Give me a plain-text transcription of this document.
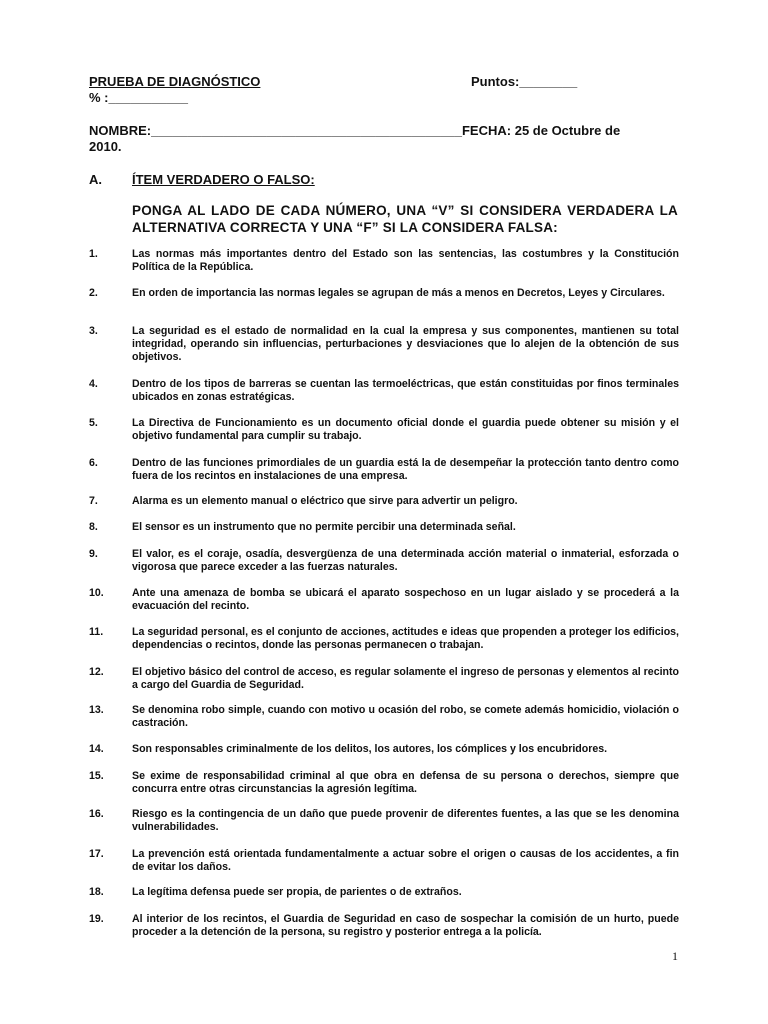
PRUEBA DE DIAGNÓSTICO	Puntos:________
% :___________
NOMBRE:___________________________________________FECHA: 25 de Octubre de
2010.
A. ÍTEM VERDADERO O FALSO:
PONGA AL LADO DE CADA NÚMERO, UNA “V” SI CONSIDERA VERDADERA LA ALTERNATIVA CORRECTA Y UNA “F” SI LA CONSIDERA FALSA:
1.	Las normas más importantes dentro del Estado son las sentencias, las costumbres y la Constitución Política de la República.
2.	En orden de importancia las normas legales se agrupan de más a menos en Decretos, Leyes y Circulares.
3.	La seguridad es el estado de normalidad en la cual la empresa y sus componentes, mantienen su total integridad, operando sin influencias, perturbaciones y desviaciones que lo alejen de la obtención de sus objetivos.
4.	Dentro de los tipos de barreras se cuentan las termoeléctricas, que están constituidas por finos terminales ubicados en zonas estratégicas.
5.	La Directiva de Funcionamiento es un documento oficial donde el guardia puede obtener su misión y el objetivo fundamental para cumplir su trabajo.
6.	Dentro de las funciones primordiales de un guardia está la de desempeñar la protección tanto dentro como fuera de los recintos en instalaciones de una empresa.
7.	Alarma es un elemento manual o eléctrico que sirve para advertir un peligro.
8.	El sensor es un instrumento que no permite percibir una determinada señal.
9.	El valor, es el coraje, osadía, desvergüenza de una determinada acción material o inmaterial, esforzada o vigorosa que parece exceder a las fuerzas naturales.
10.	Ante una amenaza de bomba se ubicará el aparato sospechoso en un lugar aislado y se procederá a la evacuación del recinto.
11.	La seguridad personal, es el conjunto de acciones, actitudes e ideas que propenden a proteger los edificios, dependencias o recintos, donde las personas permanecen o trabajan.
12.	El objetivo básico del control de acceso, es regular solamente el ingreso de personas y elementos al recinto a cargo del Guardia de Seguridad.
13.	Se denomina robo simple, cuando con motivo u ocasión del robo, se comete además homicidio, violación o castración.
14.	Son responsables criminalmente de los delitos, los autores, los cómplices y los encubridores.
15.	Se exime de responsabilidad criminal al que obra en defensa de su persona o derechos, siempre que concurra entre otras circunstancias la agresión legítima.
16.	Riesgo es la contingencia de un daño que puede provenir de diferentes fuentes, a las que se les denomina vulnerabilidades.
17.	La prevención está orientada fundamentalmente a actuar sobre el origen o causas de los accidentes, a fin de evitar los daños.
18.	La legítima defensa puede ser propia, de parientes o de extraños.
19.	Al interior de los recintos, el Guardia de Seguridad en caso de sospechar la comisión de un hurto, puede proceder a la detención de la persona, su registro y posterior entrega a la policía.
1
